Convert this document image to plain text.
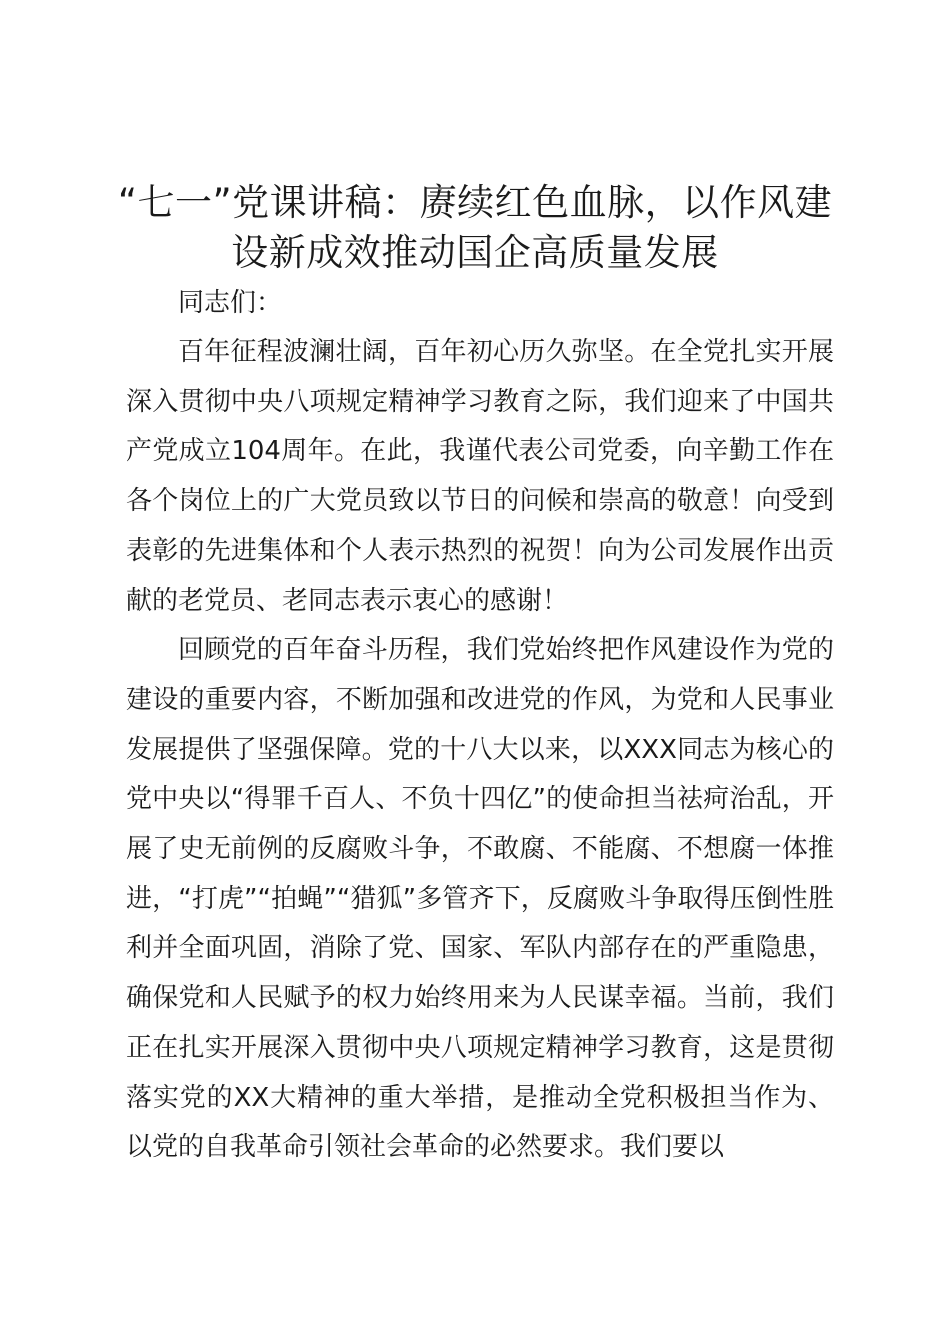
“七一”党课讲稿：赓续红色血脉，以作风建
设新成效推动国企高质量发展

同志们：

百年征程波澜壮阔，百年初心历久弥坚。在全党扎实开展深入贯彻中央八项规定精神学习教育之际，我们迎来了中国共产党成立104周年。在此，我谨代表公司党委，向辛勤工作在各个岗位上的广大党员致以节日的问候和崇高的敬意！向受到表彰的先进集体和个人表示热烈的祝贺！向为公司发展作出贡献的老党员、老同志表示衷心的感谢！

回顾党的百年奋斗历程，我们党始终把作风建设作为党的建设的重要内容，不断加强和改进党的作风，为党和人民事业发展提供了坚强保障。党的十八大以来，以XXX同志为核心的党中央以“得罪千百人、不负十四亿”的使命担当祛疴治乱，开展了史无前例的反腐败斗争，不敢腐、不能腐、不想腐一体推进，“打虎”“拍蝇”“猎狐”多管齐下，反腐败斗争取得压倒性胜利并全面巩固，消除了党、国家、军队内部存在的严重隐患，确保党和人民赋予的权力始终用来为人民谋幸福。当前，我们正在扎实开展深入贯彻中央八项规定精神学习教育，这是贯彻落实党的XX大精神的重大举措，是推动全党积极担当作为、以党的自我革命引领社会革命的必然要求。我们要以
